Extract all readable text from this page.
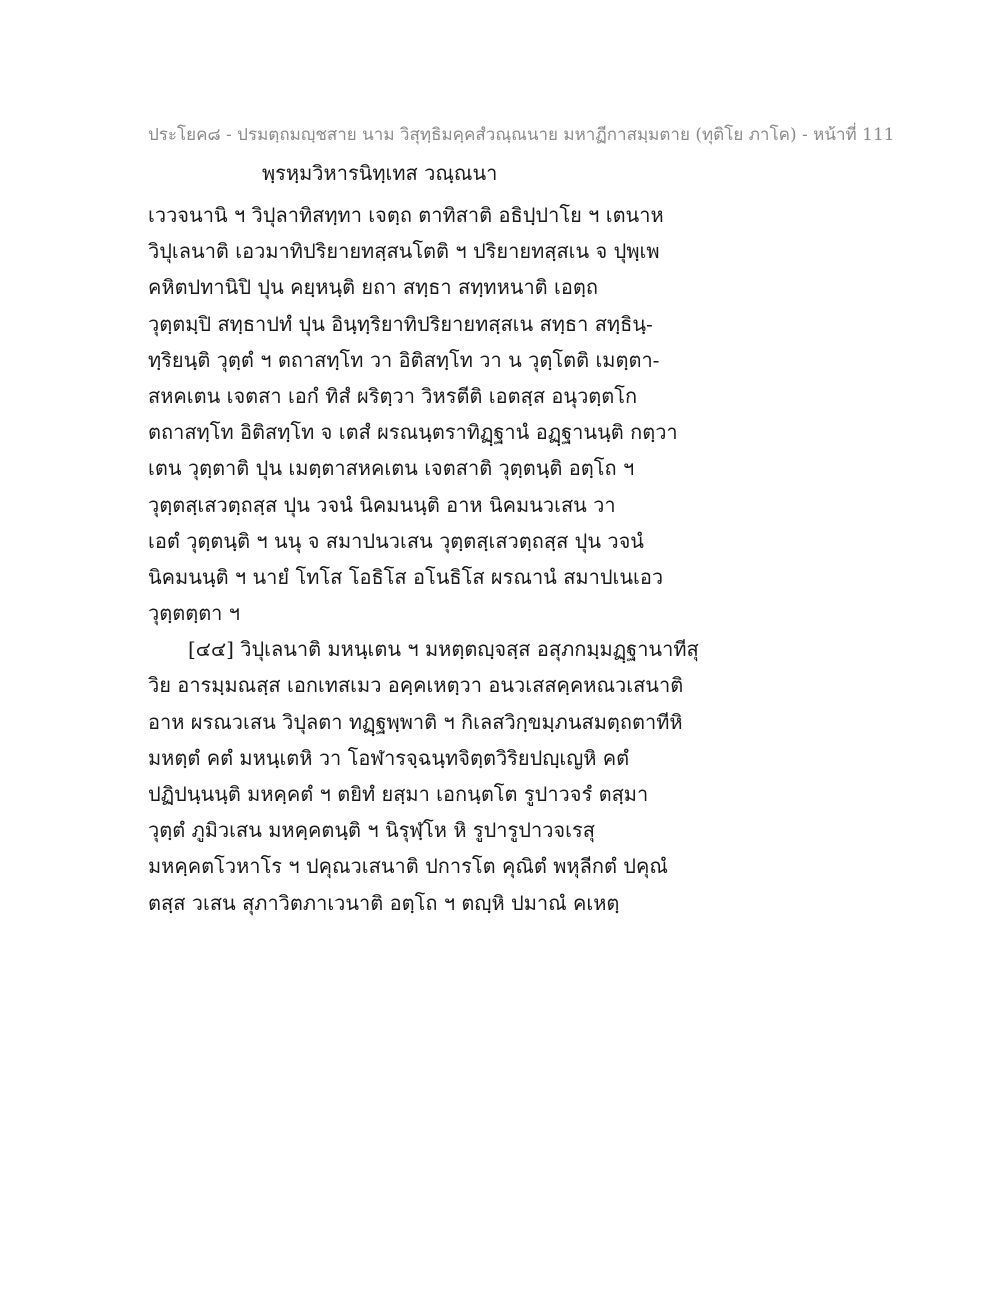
ประโยค๘ - ปรมตฺถมญฺชสาย นาม วิสุทฺธิมคฺคสํวณฺณนาย มหาฏีกาสมฺมตาย (ทุติโย ภาโค) - หน้าที่ 111
พฺรหฺมวิหารนิทฺเทส วณฺณนา
เววจนานิ ฯ วิปุลาทิสทฺทา เจตฺถ ตาทิสาติ อธิปฺปาโย ฯ เตนาห
วิปุเลนาติ เอวมาทิปริยายทสฺสนโตติ ฯ ปริยายทสฺสเน จ ปุพฺเพ
คหิตปทานิปิ ปุน คยฺหนฺติ ยถา สทฺธา สทฺทหนาติ เอตฺถ
วุตฺตมฺปิ สทฺธาปทํ ปุน อินฺทฺริยาทิปริยายทสฺสเน สทฺธา สทฺธินฺ-
ทฺริยนฺติ วุตฺตํ ฯ ตถาสทฺโท วา อิติสทฺโท วา น วุตฺโตติ เมตฺตา-
สหคเตน เจตสา เอกํ ทิสํ ผริตฺวา วิหรตีติ เอตสฺส อนุวตฺตโก
ตถาสทฺโท อิติสทฺโท จ เตสํ ผรณนฺตราทิฏฺฐานํ อฏฺฐานนฺติ กตฺวา
เตน วุตฺตาติ ปุน เมตฺตาสหคเตน เจตสาติ วุตฺตนฺติ อตฺโถ ฯ
วุตฺตสฺเสวตฺถสฺส ปุน วจนํ นิคมนนฺติ อาห นิคมนวเสน วา
เอตํ วุตฺตนฺติ ฯ นนุ จ สมาปนวเสน วุตฺตสฺเสวตฺถสฺส ปุน วจนํ
นิคมนนฺติ ฯ นายํ โทโส โอธิโส อโนธิโส ผรณานํ สมาปเนเอว
วุตฺตตฺตา ฯ
[๔๔] วิปุเลนาติ มหนฺเตน ฯ มหตฺตญฺจสฺส อสุภกมฺมฏฺฐานาทีสุ
วิย อารมฺมณสฺส เอกเทสเมว อคฺคเหตฺวา อนวเสสคฺคหณวเสนาติ
อาห ผรณวเสน วิปุลตา ทฏฺฐพฺพาติ ฯ กิเลสวิกฺขมฺภนสมตฺถตาทีหิ
มหตฺตํ คตํ มหนฺเตหิ วา โอฬารจฺฉนฺทจิตฺตวิริยปญฺเญหิ คตํ
ปฏิปนฺนนฺติ มหคฺคตํ ฯ ตยิทํ ยสฺมา เอกนฺตโต รูปาวจรํ ตสฺมา
วุตฺตํ ภูมิวเสน มหคฺคตนฺติ ฯ นิรุฬฺโห หิ รูปารูปาวจเรสุ
มหคฺคตโวหาโร ฯ ปคุณวเสนาติ ปการโต คุณิตํ พหุลีกตํ ปคุณํ
ตสฺส วเสน สุภาวิตภาเวนาติ อตฺโถ ฯ ตญฺหิ ปมาณํ คเหตฺ
